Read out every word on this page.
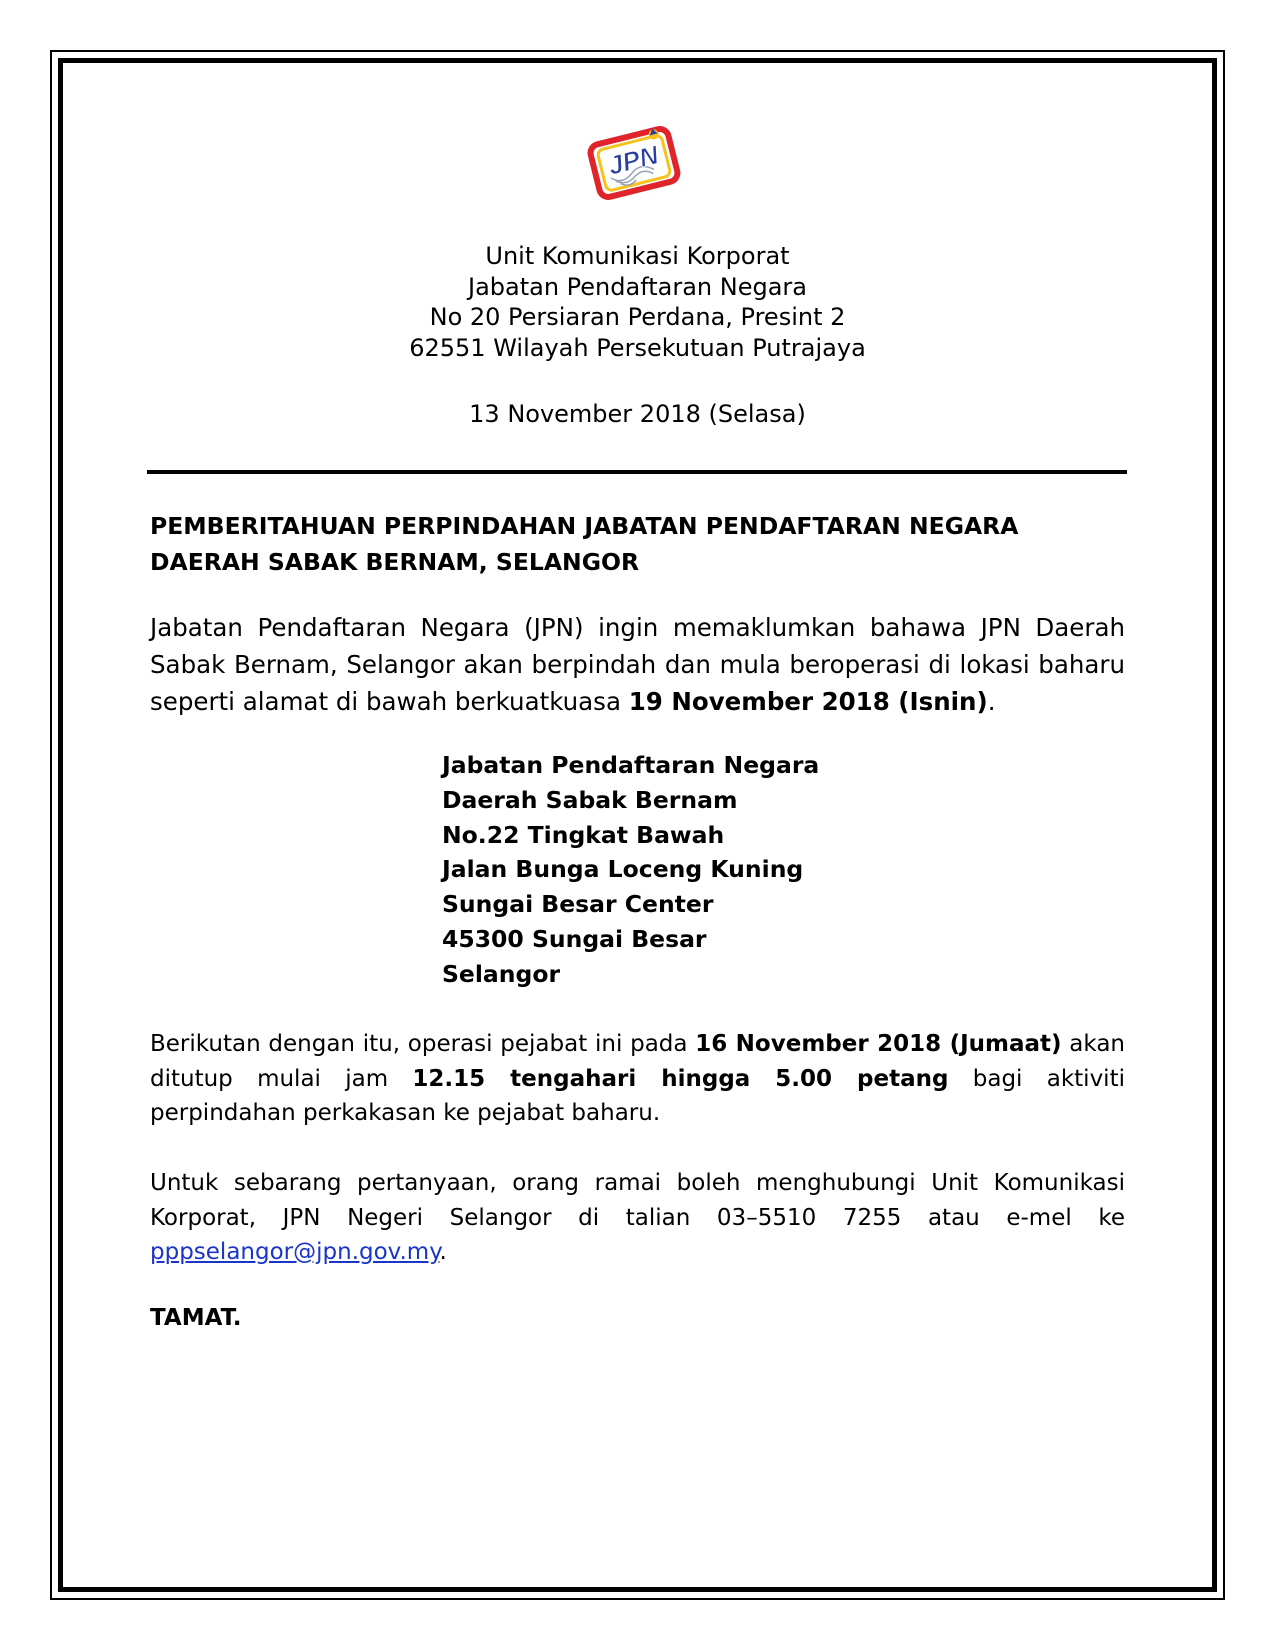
JPN
Unit Komunikasi Korporat
Jabatan Pendaftaran Negara
No 20 Persiaran Perdana, Presint 2
62551 Wilayah Persekutuan Putrajaya
13 November 2018 (Selasa)
PEMBERITAHUAN PERPINDAHAN JABATAN PENDAFTARAN NEGARA DAERAH SABAK BERNAM, SELANGOR
Jabatan Pendaftaran Negara (JPN) ingin memaklumkan bahawa JPN Daerah Sabak Bernam, Selangor akan berpindah dan mula beroperasi di lokasi baharu seperti alamat di bawah berkuatkuasa 19 November 2018 (Isnin).
Jabatan Pendaftaran Negara
Daerah Sabak Bernam
No.22 Tingkat Bawah
Jalan Bunga Loceng Kuning
Sungai Besar Center
45300 Sungai Besar
Selangor
Berikutan dengan itu, operasi pejabat ini pada 16 November 2018 (Jumaat) akan ditutup mulai jam 12.15 tengahari hingga 5.00 petang bagi aktiviti perpindahan perkakasan ke pejabat baharu.
Untuk sebarang pertanyaan, orang ramai boleh menghubungi Unit Komunikasi Korporat, JPN Negeri Selangor di talian 03–5510 7255 atau e-mel ke pppselangor@jpn.gov.my.
TAMAT.
